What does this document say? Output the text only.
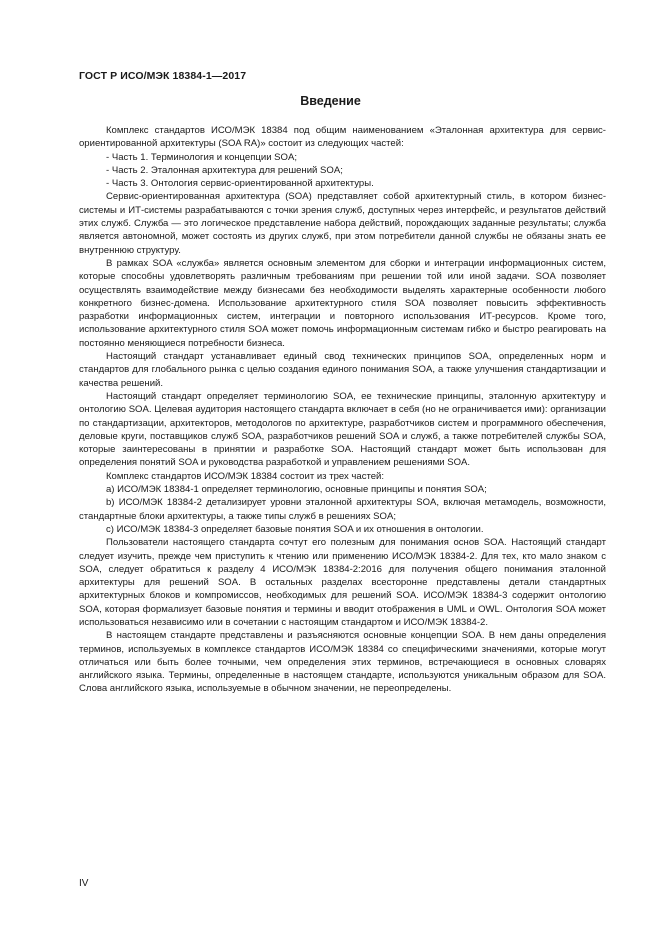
ГОСТ Р ИСО/МЭК 18384-1—2017
Введение

Комплекс стандартов ИСО/МЭК 18384 под общим наименованием «Эталонная архитектура для сервис-ориентированной архитектуры (SOA RA)» состоит из следующих частей:

- Часть 1. Терминология и концепции SOA;

- Часть 2. Эталонная архитектура для решений SOA;

- Часть 3. Онтология сервис-ориентированной архитектуры.

Сервис-ориентированная архитектура (SOA) представляет собой архитектурный стиль, в котором бизнес-системы и ИТ-системы разрабатываются с точки зрения служб, доступных через интерфейс, и результатов действий этих служб. Служба — это логическое представление набора действий, порождающих заданные результаты; служба является автономной, может состоять из других служб, при этом потребители данной службы не обязаны знать ее внутреннюю структуру.

В рамках SOA «служба» является основным элементом для сборки и интеграции информационных систем, которые способны удовлетворять различным требованиям при решении той или иной задачи. SOA позволяет осуществлять взаимодействие между бизнесами без необходимости выделять характерные особенности любого конкретного бизнес-домена. Использование архитектурного стиля SOA позволяет повысить эффективность разработки информационных систем, интеграции и повторного использования ИТ-ресурсов. Кроме того, использование архитектурного стиля SOA может помочь информационным системам гибко и быстро реагировать на постоянно меняющиеся потребности бизнеса.

Настоящий стандарт устанавливает единый свод технических принципов SOA, определенных норм и стандартов для глобального рынка с целью создания единого понимания SOA, а также улучшения стандартизации и качества решений.

Настоящий стандарт определяет терминологию SOA, ее технические принципы, эталонную архитектуру и онтологию SOA. Целевая аудитория настоящего стандарта включает в себя (но не ограничивается ими): организации по стандартизации, архитекторов, методологов по архитектуре, разработчиков систем и программного обеспечения, деловые круги, поставщиков служб SOA, разработчиков решений SOA и служб, а также потребителей службы SOA, которые заинтересованы в принятии и разработке SOA. Настоящий стандарт может быть использован для определения понятий SOA и руководства разработкой и управлением решениями SOA.

Комплекс стандартов ИСО/МЭК 18384 состоит из трех частей:

а) ИСО/МЭК 18384-1 определяет терминологию, основные принципы и понятия SOA;

b) ИСО/МЭК 18384-2 детализирует уровни эталонной архитектуры SOA, включая метамодель, возможности, стандартные блоки архитектуры, а также типы служб в решениях SOA;

с) ИСО/МЭК 18384-3 определяет базовые понятия SOA и их отношения в онтологии.

Пользователи настоящего стандарта сочтут его полезным для понимания основ SOA. Настоящий стандарт следует изучить, прежде чем приступить к чтению или применению ИСО/МЭК 18384-2. Для тех, кто мало знаком с SOA, следует обратиться к разделу 4 ИСО/МЭК 18384-2:2016 для получения общего понимания эталонной архитектуры для решений SOA. В остальных разделах всесторонне представлены детали стандартных архитектурных блоков и компромиссов, необходимых для решений SOA. ИСО/МЭК 18384-3 содержит онтологию SOA, которая формализует базовые понятия и термины и вводит отображения в UML и OWL. Онтология SOA может использоваться независимо или в сочетании с настоящим стандартом и ИСО/МЭК 18384-2.

В настоящем стандарте представлены и разъясняются основные концепции SOA. В нем даны определения терминов, используемых в комплексе стандартов ИСО/МЭК 18384 со специфическими значениями, которые могут отличаться или быть более точными, чем определения этих терминов, встречающиеся в основных словарях английского языка. Термины, определенные в настоящем стандарте, используются уникальным образом для SOA. Слова английского языка, используемые в обычном значении, не переопределены.

IV
